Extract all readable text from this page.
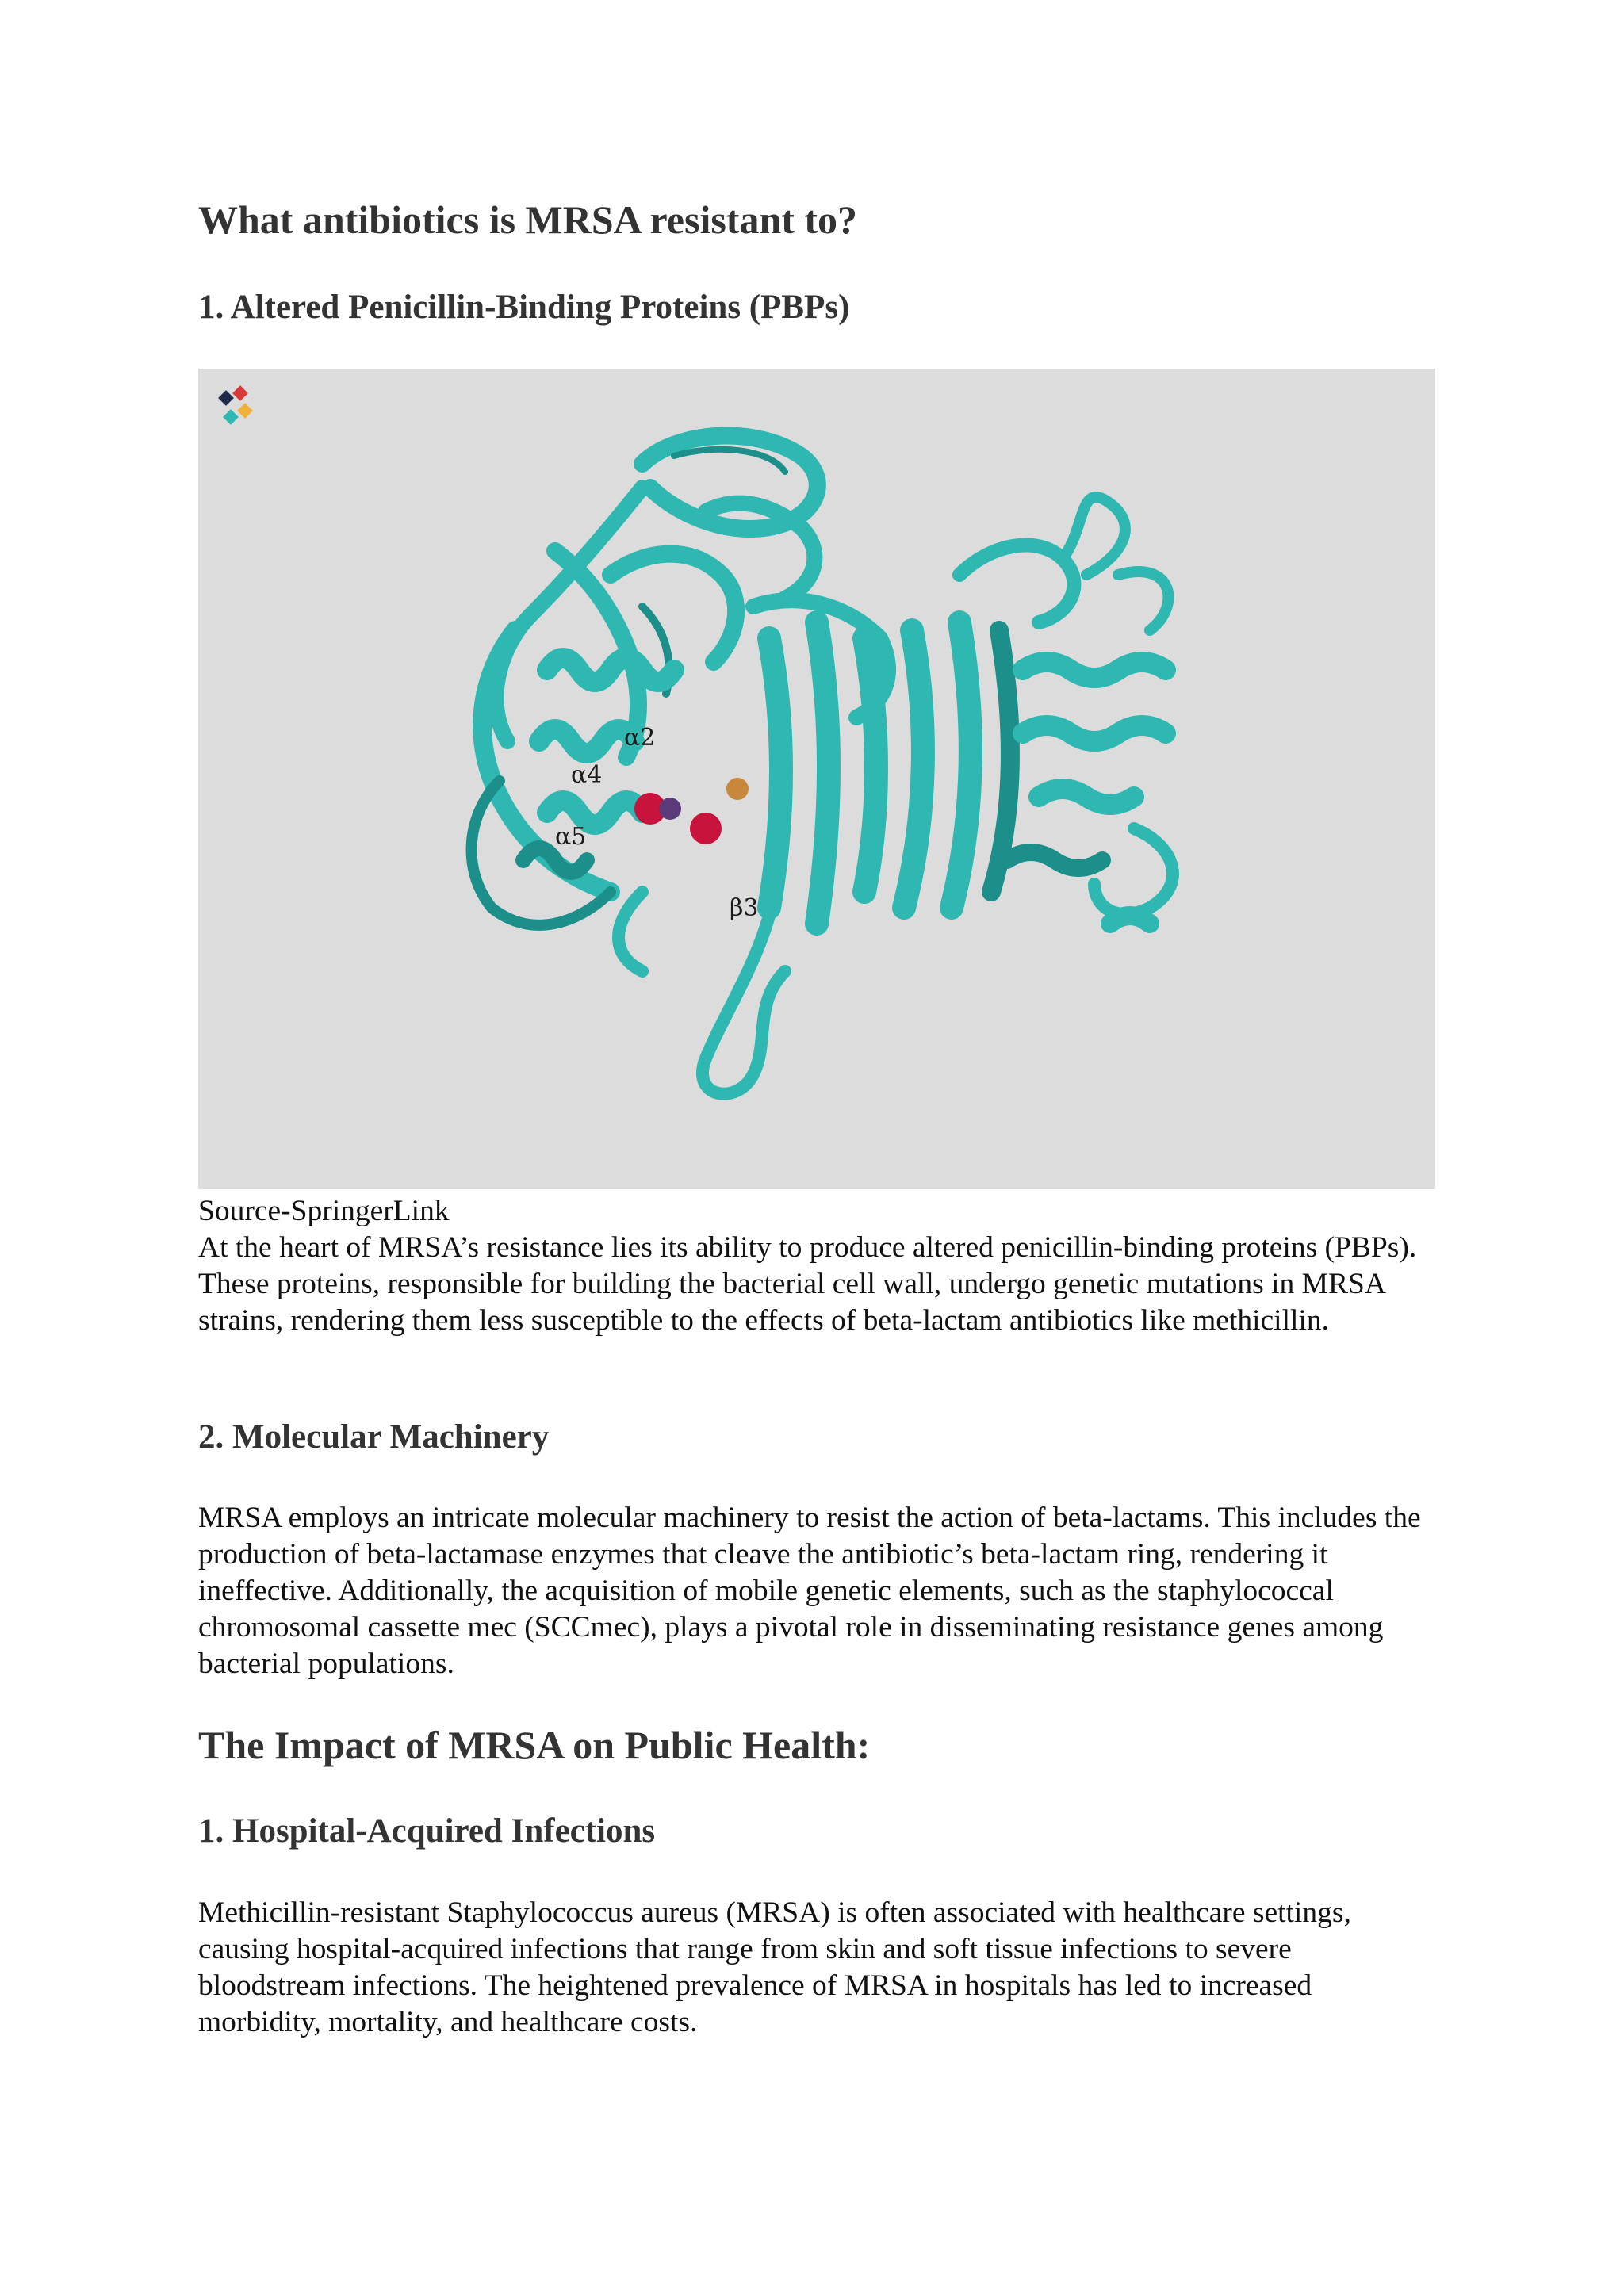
What antibiotics is MRSA resistant to?
1. Altered Penicillin-Binding Proteins (PBPs)
α2
α4
α5
β3
Source-SpringerLink

At the heart of MRSA’s resistance lies its ability to produce altered penicillin-binding proteins (PBPs). These proteins, responsible for building the bacterial cell wall, undergo genetic mutations in MRSA strains, rendering them less susceptible to the effects of beta-lactam antibiotics like methicillin.

2. Molecular Machinery

MRSA employs an intricate molecular machinery to resist the action of beta-lactams. This includes the production of beta-lactamase enzymes that cleave the antibiotic’s beta-lactam ring, rendering it ineffective. Additionally, the acquisition of mobile genetic elements, such as the staphylococcal chromosomal cassette mec (SCCmec), plays a pivotal role in disseminating resistance genes among bacterial populations.

The Impact of MRSA on Public Health:
1. Hospital-Acquired Infections

Methicillin-resistant Staphylococcus aureus (MRSA) is often associated with healthcare settings, causing hospital-acquired infections that range from skin and soft tissue infections to severe bloodstream infections. The heightened prevalence of MRSA in hospitals has led to increased morbidity, mortality, and healthcare costs.
